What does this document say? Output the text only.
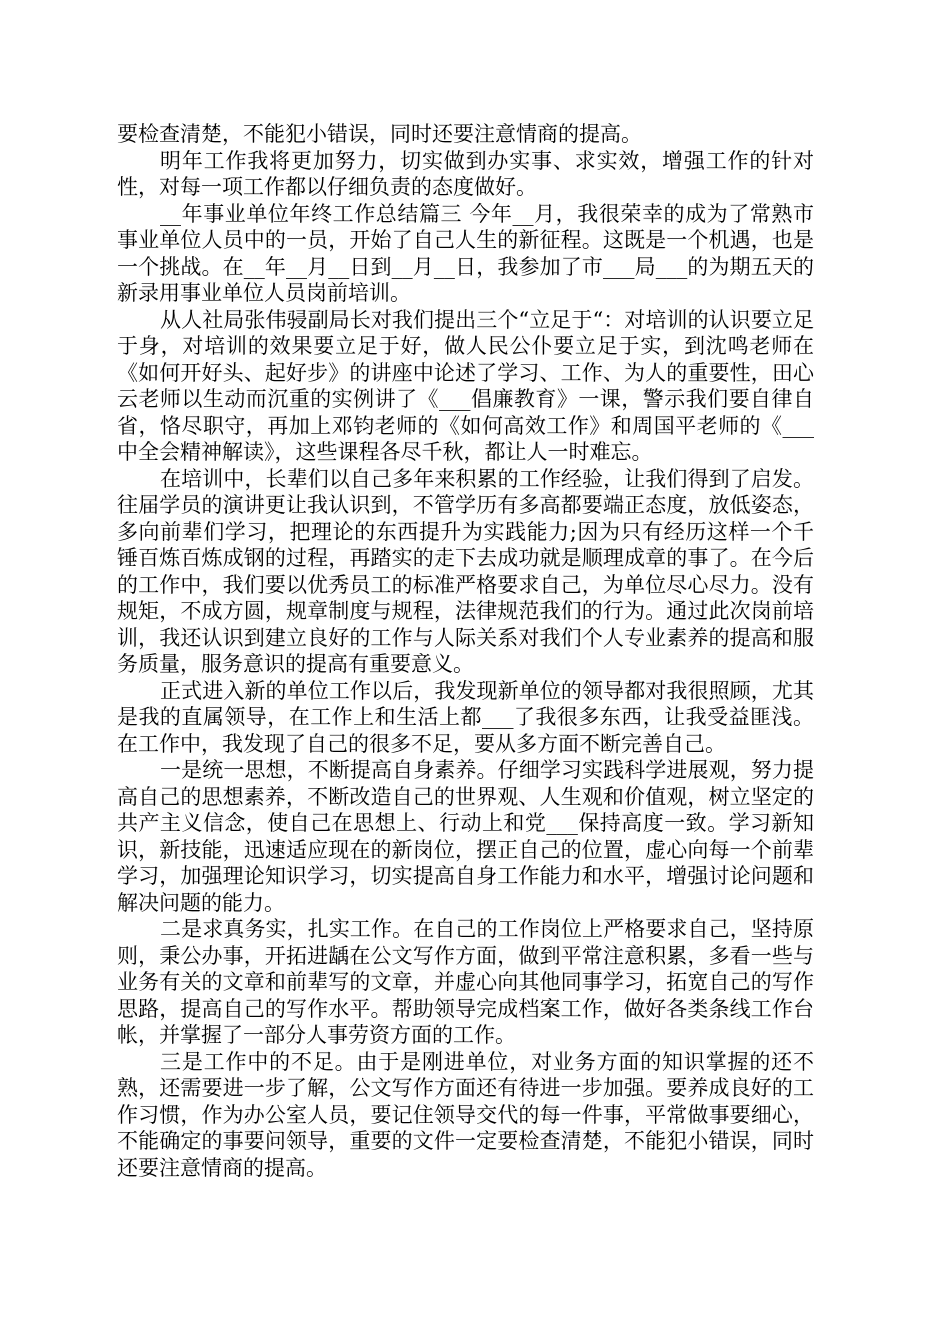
要检查清楚，不能犯小错误，同时还要注意情商的提高。

明年工作我将更加努力，切实做到办实事、求实效，增强工作的针对性，对每一项工作都以仔细负责的态度做好。

__年事业单位年终工作总结篇三 今年__月，我很荣幸的成为了常熟市事业单位人员中的一员，开始了自己人生的新征程。这既是一个机遇，也是一个挑战。在__年__月__日到__月__日，我参加了市___局___的为期五天的新录用事业单位人员岗前培训。

从人社局张伟骎副局长对我们提出三个“立足于“：对培训的认识要立足于身，对培训的效果要立足于好，做人民公仆要立足于实，到沈鸣老师在《如何开好头、起好步》的讲座中论述了学习、工作、为人的重要性，田心云老师以生动而沉重的实例讲了《___倡廉教育》一课，警示我们要自律自省，恪尽职守，再加上邓钧老师的《如何高效工作》和周国平老师的《___中全会精神解读》，这些课程各尽千秋，都让人一时难忘。

在培训中，长辈们以自己多年来积累的工作经验，让我们得到了启发。往届学员的演讲更让我认识到，不管学历有多高都要端正态度，放低姿态，多向前辈们学习，把理论的东西提升为实践能力;因为只有经历这样一个千锤百炼百炼成钢的过程，再踏实的走下去成功就是顺理成章的事了。在今后的工作中，我们要以优秀员工的标准严格要求自己，为单位尽心尽力。没有规矩，不成方圆，规章制度与规程，法律规范我们的行为。通过此次岗前培训，我还认识到建立良好的工作与人际关系对我们个人专业素养的提高和服务质量，服务意识的提高有重要意义。

正式进入新的单位工作以后，我发现新单位的领导都对我很照顾，尤其是我的直属领导，在工作上和生活上都___了我很多东西，让我受益匪浅。在工作中，我发现了自己的很多不足，要从多方面不断完善自己。

一是统一思想，不断提高自身素养。仔细学习实践科学进展观，努力提高自己的思想素养，不断改造自己的世界观、人生观和价值观，树立坚定的共产主义信念，使自己在思想上、行动上和党___保持高度一致。学习新知识，新技能，迅速适应现在的新岗位，摆正自己的位置，虚心向每一个前辈学习，加强理论知识学习，切实提高自身工作能力和水平，增强讨论问题和解决问题的能力。

二是求真务实，扎实工作。在自己的工作岗位上严格要求自己，坚持原则，秉公办事，开拓进龋在公文写作方面，做到平常注意积累，多看一些与业务有关的文章和前辈写的文章，并虚心向其他同事学习，拓宽自己的写作思路，提高自己的写作水平。帮助领导完成档案工作，做好各类条线工作台帐，并掌握了一部分人事劳资方面的工作。

三是工作中的不足。由于是刚进单位，对业务方面的知识掌握的还不熟，还需要进一步了解，公文写作方面还有待进一步加强。要养成良好的工作习惯，作为办公室人员，要记住领导交代的每一件事，平常做事要细心，不能确定的事要问领导，重要的文件一定要检查清楚，不能犯小错误，同时还要注意情商的提高。
